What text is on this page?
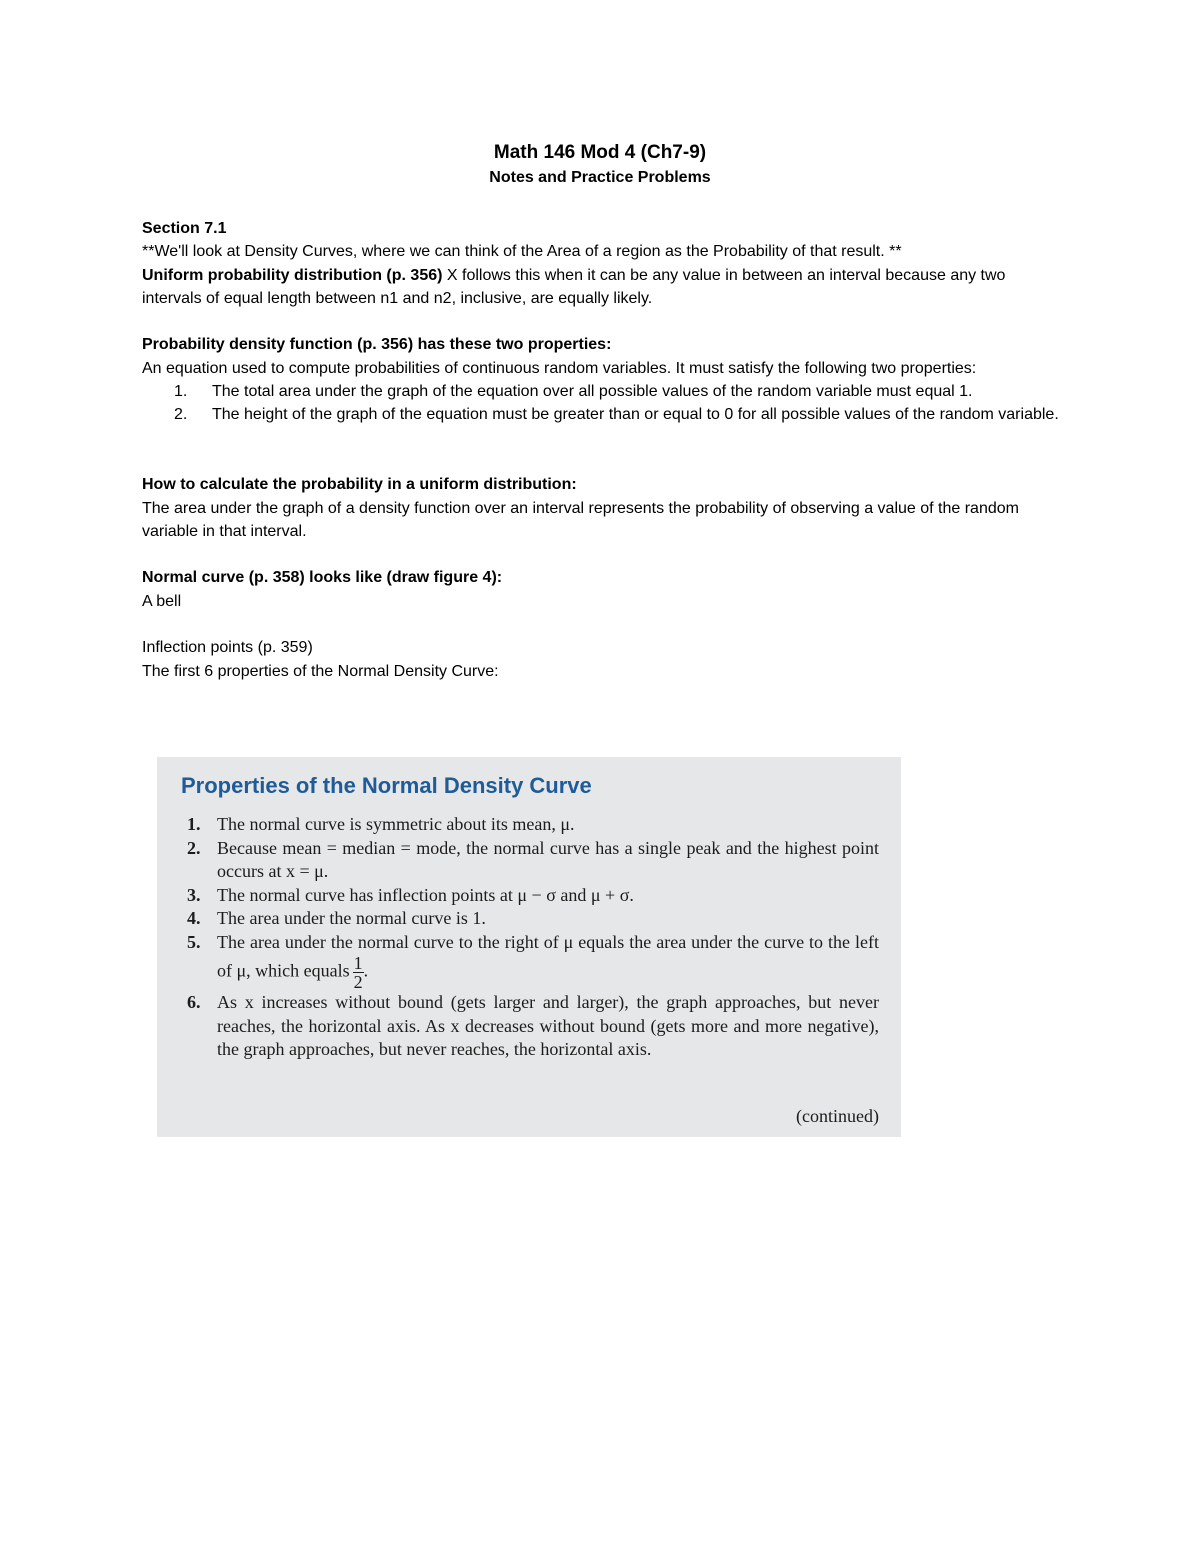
Math 146 Mod 4 (Ch7-9)
Notes and Practice Problems

Section 7.1

**We'll look at Density Curves, where we can think of the Area of a region as the Probability of that result. **

Uniform probability distribution (p. 356) X follows this when it can be any value in between an interval because any two intervals of equal length between n1 and n2, inclusive, are equally likely.

Probability density function (p. 356) has these two properties:

An equation used to compute probabilities of continuous random variables. It must satisfy the following two properties:

1. The total area under the graph of the equation over all possible values of the random variable must equal 1.
2. The height of the graph of the equation must be greater than or equal to 0 for all possible values of the random variable.

How to calculate the probability in a uniform distribution:

The area under the graph of a density function over an interval represents the probability of observing a value of the random variable in that interval.

Normal curve (p. 358) looks like (draw figure 4):

A bell

Inflection points (p. 359)

The first 6 properties of the Normal Density Curve:

Properties of the Normal Density Curve
1. The normal curve is symmetric about its mean, μ.
2. Because mean = median = mode, the normal curve has a single peak and the highest point occurs at x = μ.
3. The normal curve has inflection points at μ − σ and μ + σ.
4. The area under the normal curve is 1.
5. The area under the normal curve to the right of μ equals the area under the curve to the left of μ, which equals $\frac{1}{2}$ .
6. As x increases without bound (gets larger and larger), the graph approaches, but never reaches, the horizontal axis. As x decreases without bound (gets more and more negative), the graph approaches, but never reaches, the horizontal axis.
(continued)
